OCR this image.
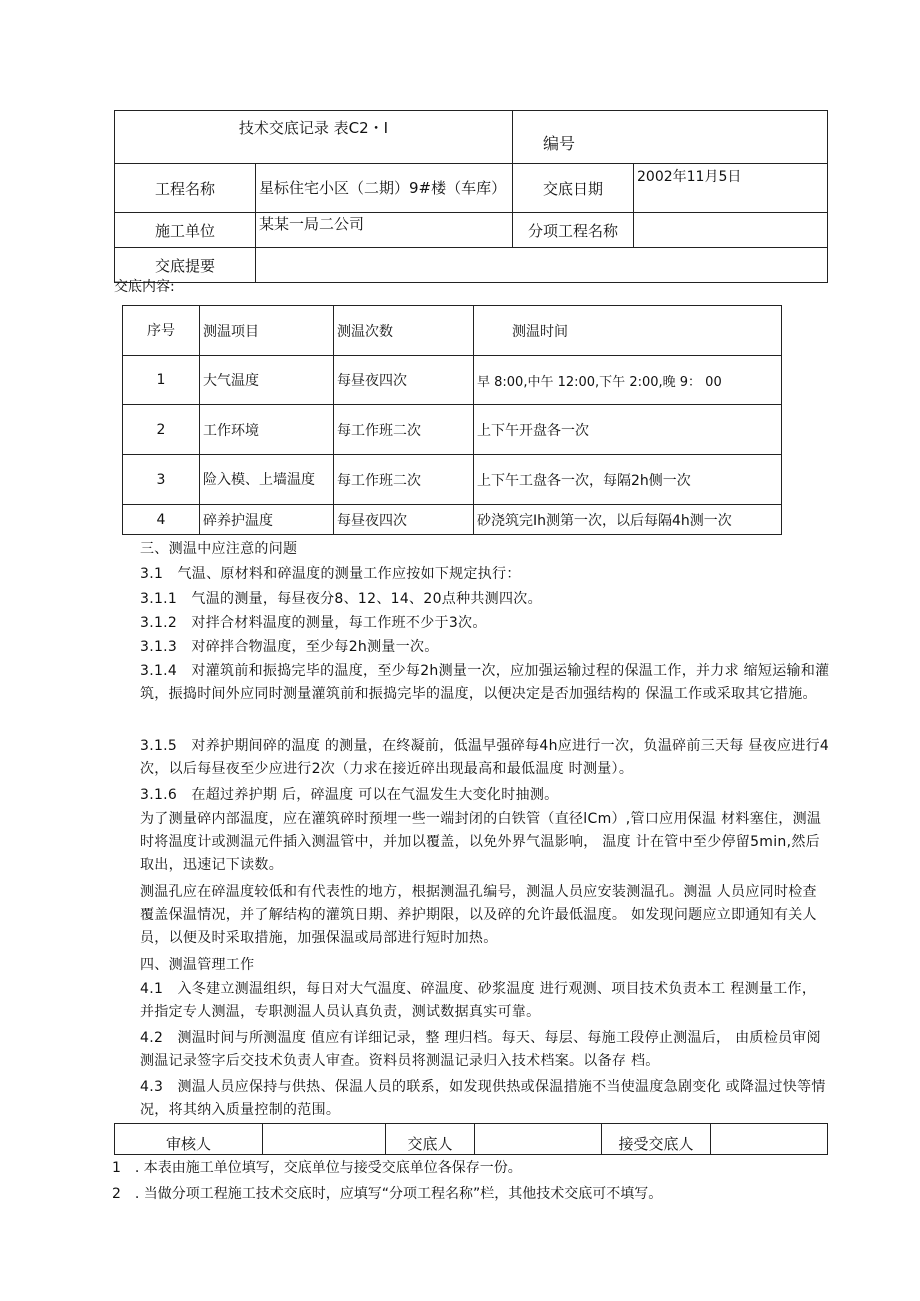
技术交底记录 表C2・I		编号	
工程名称	星标住宅小区（二期）9#楼（车库）	交底日期	2002年11月5日
施工单位	某某一局二公司	分项工程名称	
交底提要			
交底内容:
序号	测温项目	测温次数	测温时间
1	大气温度	每昼夜四次	早 8:00,中午 12:00,下午 2:00,晚 9： 00
2	工作环境	每工作班二次	上下午开盘各一次
3	险入模、上墙温度	每工作班二次	上下午工盘各一次，每隔2h侧一次
4	碎养护温度	每昼夜四次	砂浇筑完Ih测第一次，以后每隔4h测一次
三、测温中应注意的问题
3.1　气温、原材料和碎温度的测量工作应按如下规定执行：
3.1.1　气温的测量，每昼夜分8、12、14、20点种共测四次。
3.1.2　对拌合材料温度的测量，每工作班不少于3次。
3.1.3　对碎拌合物温度，至少每2h测量一次。
3.1.4　对灌筑前和振捣完毕的温度，至少每2h测量一次，应加强运输过程的保温工作，并力求 缩短运输和灌筑，振捣时间外应同时测量灌筑前和振捣完毕的温度，以便决定是否加强结构的 保温工作或采取其它措施。
3.1.5　对养护期间碎的温度 的测量，在终凝前，低温早强碎每4h应进行一次，负温碎前三天每 昼夜应进行4次，以后每昼夜至少应进行2次（力求在接近碎出现最高和最低温度 时测量）。
3.1.6　在超过养护期 后，碎温度 可以在气温发生大变化时抽测。
为了测量碎内部温度，应在灌筑碎时预埋一些一端封闭的白铁管（直径lCm）,管口应用保温 材料塞住，测温时将温度计或测温元件插入测温管中，并加以覆盖，以免外界气温影响， 温度 计在管中至少停留5min,然后取出，迅速记下读数。
测温孔应在碎温度较低和有代表性的地方，根据测温孔编号，测温人员应安装测温孔。测温 人员应同时检查覆盖保温情况，并了解结构的灌筑日期、养护期限，以及碎的允许最低温度。 如发现问题应立即通知有关人员，以便及时采取措施，加强保温或局部进行短时加热。
四、测温管理工作
4.1　入冬建立测温组织，每日对大气温度、碎温度、砂浆温度 进行观测、项目技术负责本工 程测量工作，并指定专人测温，专职测温人员认真负责，测试数据真实可靠。
4.2　测温时间与所测温度 值应有详细记录，整 理归档。每天、每层、每施工段停止测温后， 由质检员审阅测温记录签字后交技术负责人审查。资料员将测温记录归入技术档案。以备存 档。
4.3　测温人员应保持与供热、保温人员的联系，如发现供热或保温措施不当使温度急剧变化 或降温过快等情况，将其纳入质量控制的范围。
审核人		交底人		接受交底人	
1　. 本表由施工单位填写，交底单位与接受交底单位各保存一份。
2　. 当做分项工程施工技术交底时，应填写“分项工程名称”栏，其他技术交底可不填写。
